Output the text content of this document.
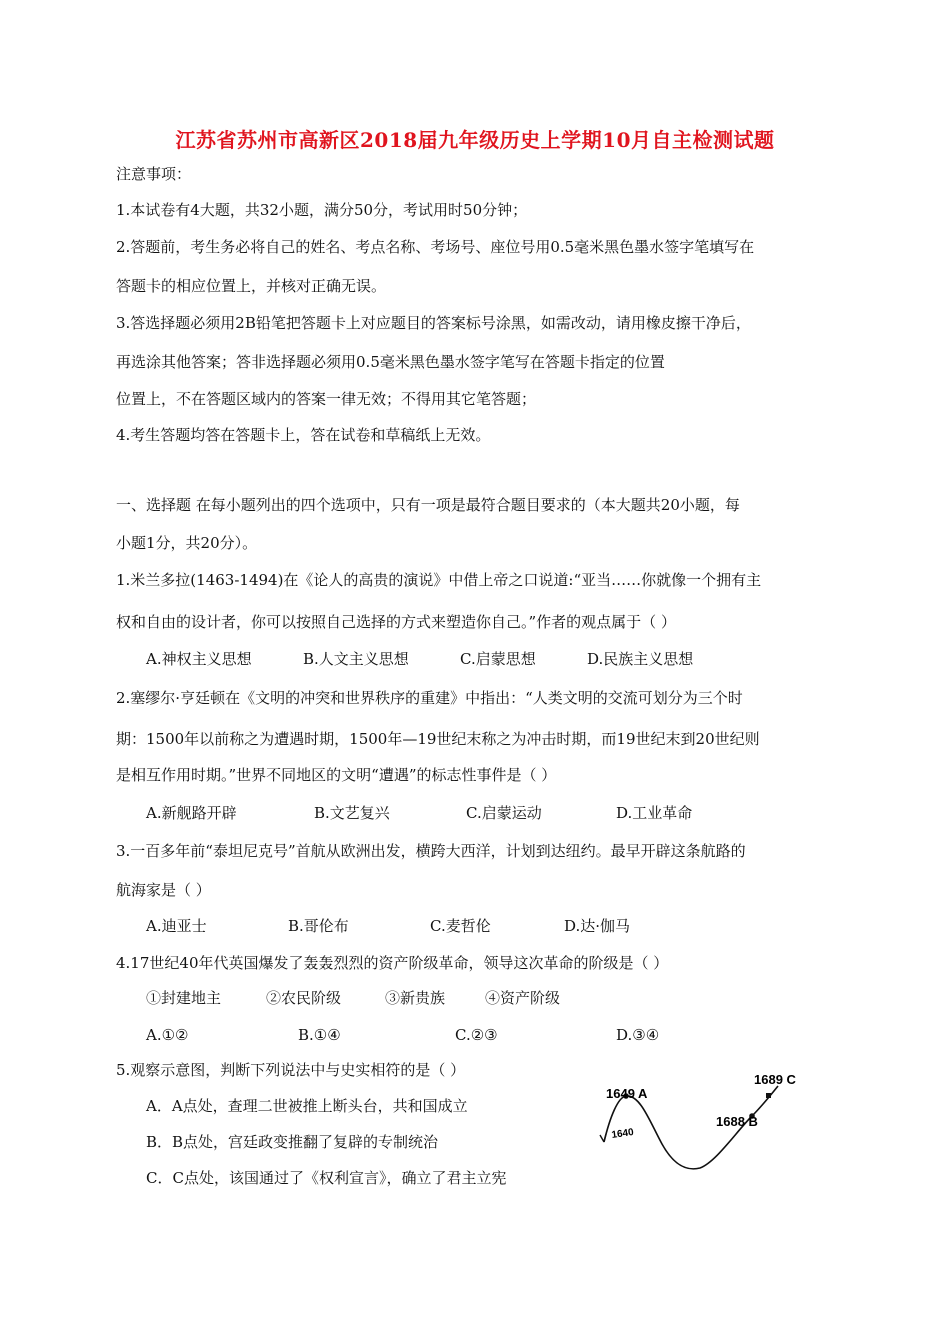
江苏省苏州市高新区2018届九年级历史上学期10月自主检测试题
注意事项：
1.本试卷有4大题，共32小题，满分50分，考试用时50分钟；
2.答题前，考生务必将自己的姓名、考点名称、考场号、座位号用0.5毫米黑色墨水签字笔填写在
答题卡的相应位置上，并核对正确无误。
3.答选择题必须用2B铅笔把答题卡上对应题目的答案标号涂黑，如需改动，请用橡皮擦干净后，
再选涂其他答案；答非选择题必须用0.5毫米黑色墨水签字笔写在答题卡指定的位置
位置上，不在答题区域内的答案一律无效；不得用其它笔答题；
4.考生答题均答在答题卡上，答在试卷和草稿纸上无效。
一、选择题 在每小题列出的四个选项中，只有一项是最符合题目要求的（本大题共20小题，每
小题1分，共20分）。
1.米兰多拉(1463-1494)在《论人的高贵的演说》中借上帝之口说道:“亚当……你就像一个拥有主
权和自由的设计者，你可以按照自己选择的方式来塑造你自己。”作者的观点属于（ ）
A.神权主义思想	B.人文主义思想	C.启蒙思想	D.民族主义思想
2.塞缪尔·亨廷顿在《文明的冲突和世界秩序的重建》中指出：“人类文明的交流可划分为三个时
期：1500年以前称之为遭遇时期，1500年—19世纪末称之为冲击时期，而19世纪末到20世纪则
是相互作用时期。”世界不同地区的文明“遭遇”的标志性事件是（ ）
A.新舰路开辟	B.文艺复兴	C.启蒙运动	D.工业革命
3.一百多年前“泰坦尼克号”首航从欧洲出发，横跨大西洋，计划到达纽约。最早开辟这条航路的
航海家是（ ）
A.迪亚士	B.哥伦布	C.麦哲伦	D.达·伽马
4.17世纪40年代英国爆发了轰轰烈烈的资产阶级革命，领导这次革命的阶级是（ ）
①封建地主	②农民阶级	③新贵族	④资产阶级
A.①②	B.①④	C.②③	D.③④
5.观察示意图，判断下列说法中与史实相符的是（ ）
A．A点处，查理二世被推上断头台，共和国成立
B．B点处，宫廷政变推翻了复辟的专制统治
C．C点处，该国通过了《权利宣言》，确立了君主立宪
1640
1649 A
1688 B
1689 C
